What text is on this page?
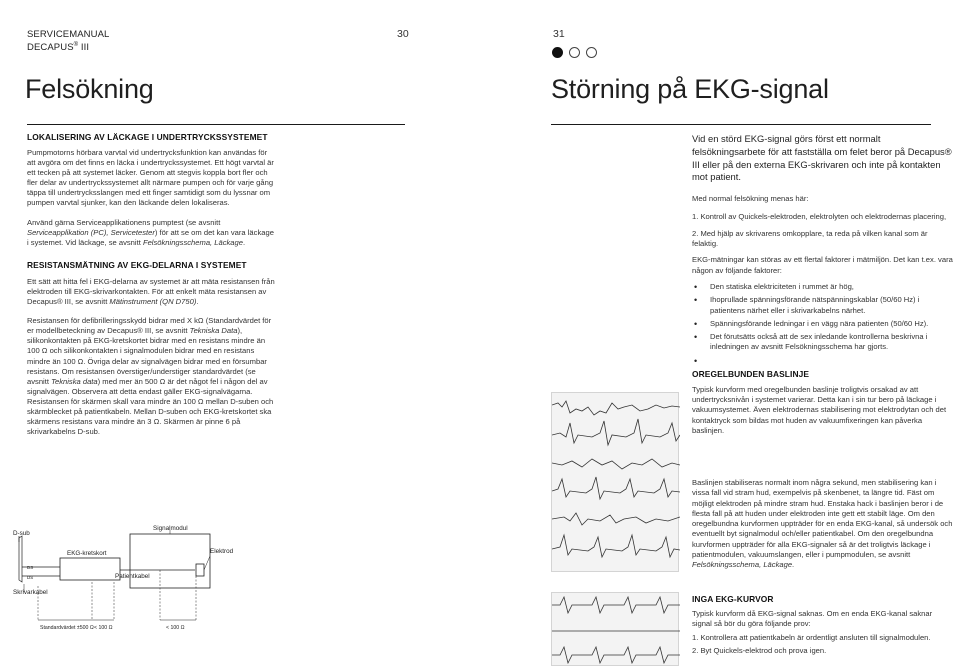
SERVICEMANUAL
DECAPUS® III
30	31
Felsökning	Störning på EKG-signal
LOKALISERING AV LÄCKAGE I UNDERTRYCKSSYSTEMET

Pumpmotorns hörbara varvtal vid undertrycksfunktion kan användas för att avgöra om det finns en läcka i undertryckssystemet. Ett högt varvtal är ett tecken på att systemet läcker. Genom att stegvis koppla bort fler och fler delar av undertryckssystemet allt närmare pumpen och för varje gång täppa till undertrycksslangen med ett finger samtidigt som du lyssnar om pumpen varvtal sjunker, kan den läckande delen lokaliseras.

Använd gärna Serviceapplikationens pumptest (se avsnitt Serviceapplikation (PC), Servicetester) för att se om det kan vara läckage i systemet. Vid läckage, se avsnitt Felsökningsschema, Läckage.

RESISTANSMÄTNING AV EKG-DELARNA I SYSTEMET

Ett sätt att hitta fel i EKG-delarna av systemet är att mäta resistansen från elektroden till EKG-skrivarkontakten. För att enkelt mäta resistansen av Decapus® III, se avsnitt Mätinstrument (QN D750).

Resistansen för defibrilleringsskydd bidrar med X kΩ (Standardvärdet för er modellbeteckning av Decapus® III, se avsnitt Tekniska Data), silikonkontakten på EKG-kretskortet bidrar med en resistans mindre än 100 Ω och silikonkontakten i signalmodulen bidrar med en resistans mindre än 100 Ω. Övriga delar av signalvägen bidrar med en försumbar resistans. Om resistansen överstiger/understiger standardvärdet (se avsnitt Tekniska data) med mer än 500 Ω är det något fel i någon del av signalvägen. Observera att detta endast gäller EKG-signalvägarna. Resistansen för skärmen skall vara mindre än 100 Ω mellan D-suben och skärmblecket på patientkabeln. Mellan D-suben och EKG-kretskortet ska skärmens resistans vara mindre än 3 Ω. Skärmen är pinne 6 på skrivarkabelns D-sub.

D-sub
Signalmodul
EKG-kretskort	Elektrod
Patientkabel
Skrivarkabel
DS
DS
Standardvärdet ±500 Ω < 100 Ω	< 100 Ω

Vid en störd EKG-signal görs först ett normalt felsökningsarbete för att fastställa om felet beror på Decapus® III eller på den externa EKG-skrivaren och inte på kontakten mot patient.

Med normal felsökning menas här:

1. Kontroll av Quickels-elektroden, elektrolyten och elektrodernas placering,

2. Med hjälp av skrivarens omkopplare, ta reda på vilken kanal som är felaktig.

EKG-mätningar kan störas av ett flertal faktorer i mätmiljön. Det kan t.ex. vara någon av följande faktorer:

• Den statiska elektriciteten i rummet är hög,
• Ihoprullade spänningsförande nätspänningskablar (50/60 Hz) i patientens närhet eller i skrivarkabelns närhet.
• Spänningsförande ledningar i en vägg nära patienten (50/60 Hz).
• Det förutsätts också att de sex inledande kontrollerna beskrivna i inledningen av avsnitt Felsökningsschema har gjorts.
•
OREGELBUNDEN BASLINJE

Typisk kurvform med oregelbunden baslinje troligtvis orsakad av att undertrycksnivån i systemet varierar. Detta kan i sin tur bero på läckage i vakuumsystemet. Även elektrodernas stabilisering mot elektrodytan och det kontaktryck som bildas mot huden av vakuumfixeringen kan påverka baslinjen.

Baslinjen stabiliseras normalt inom några sekund, men stabilisering kan i vissa fall vid stram hud, exempelvis på skenbenet, ta längre tid. Fäst om möjligt elektroden på mindre stram hud. Enstaka hack i baslinjen beror i de flesta fall på att huden under elektroden inte gett ett stabilt läge. Om den oregelbundna kurvformen uppträder för en enda EKG-kanal, så undersök och eventuellt byt signalmodul och/eller patientkabel. Om den oregelbundna kurvformen uppträder för alla EKG-signaler så är det troligtvis läckage i patientmodulen, vakuumslangen, eller i pumpmodulen, se avsnitt Felsökningsschema, Läckage.

INGA EKG-KURVOR

Typisk kurvform då EKG-signal saknas. Om en enda EKG-kanal saknar signal så bör du göra följande prov:

1. Kontrollera att patientkabeln är ordentligt ansluten till signalmodulen.

2. Byt Quickels-elektrod och prova igen.
